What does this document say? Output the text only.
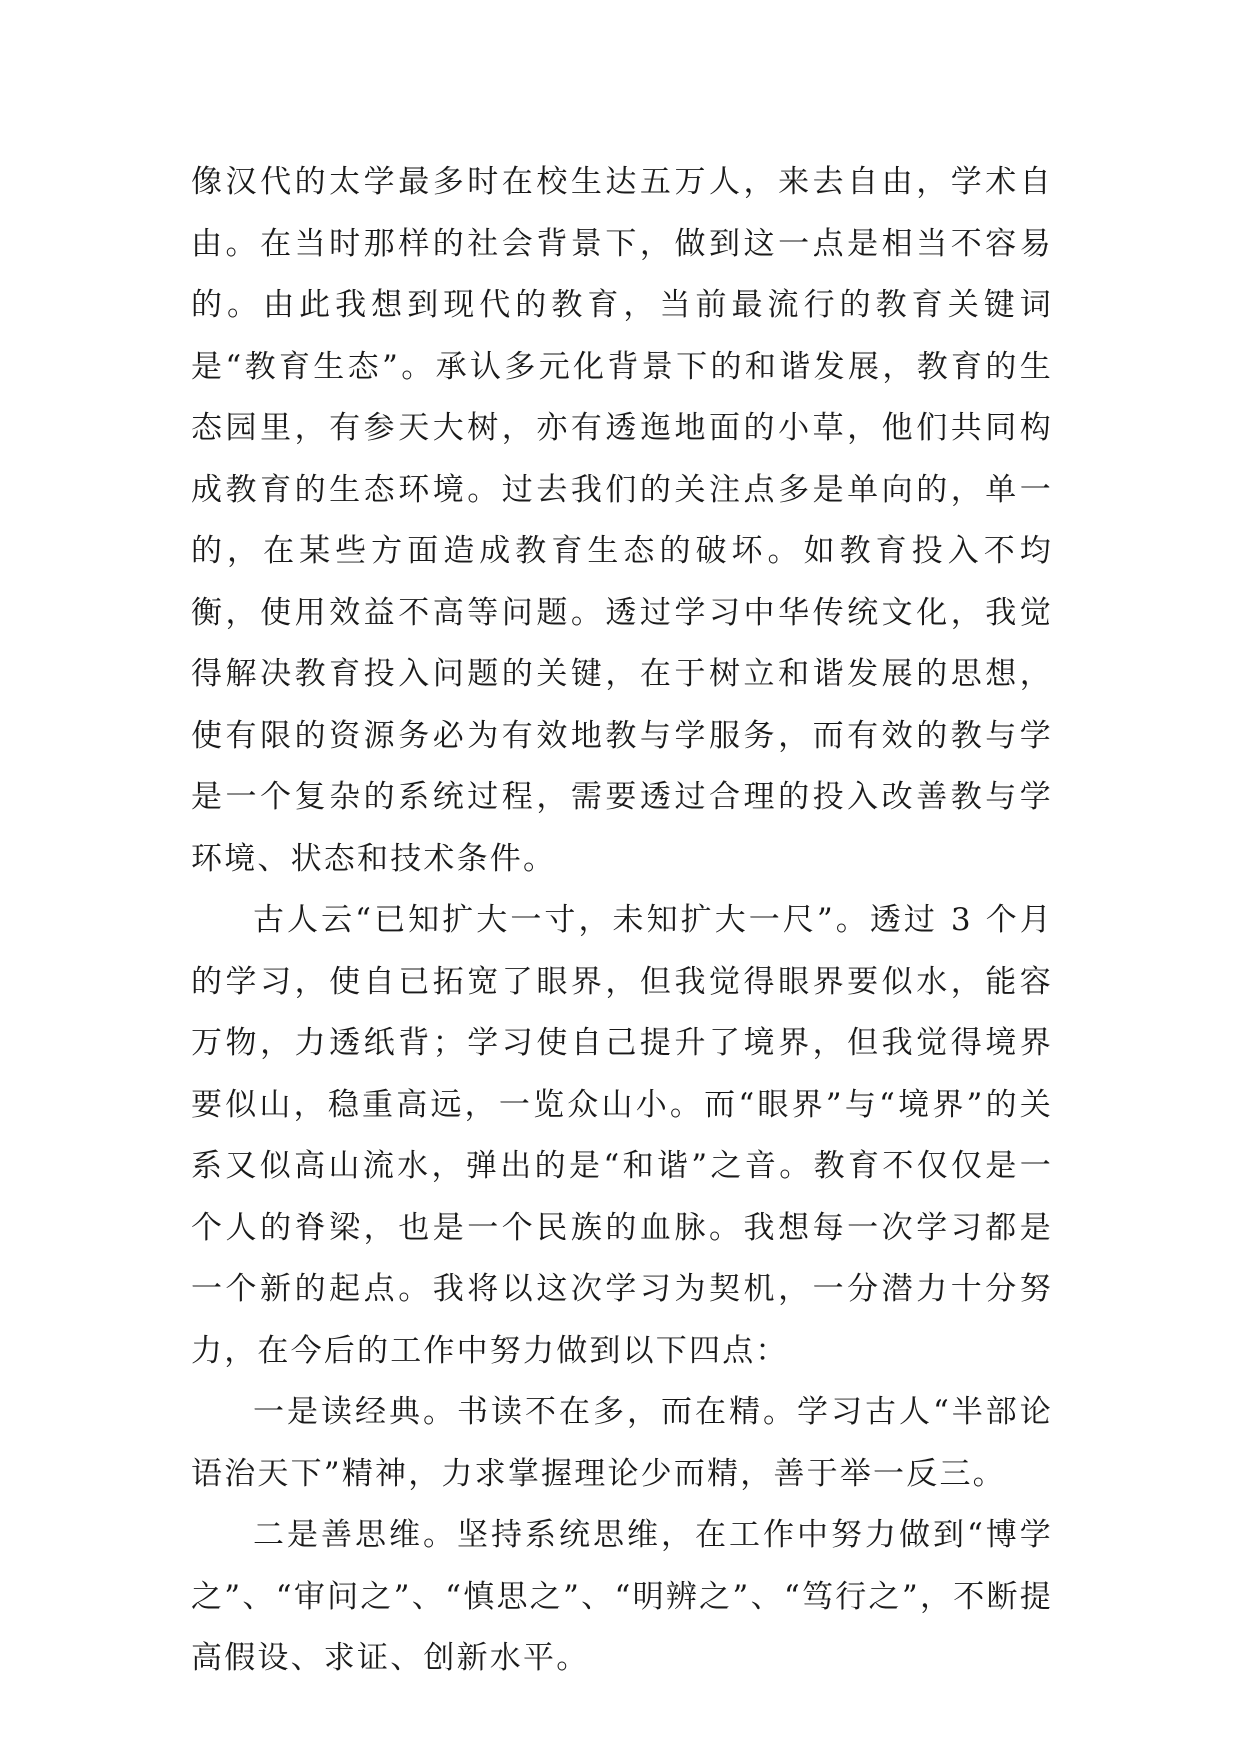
像汉代的太学最多时在校生达五万人，来去自由，学术自由。在当时那样的社会背景下，做到这一点是相当不容易的。由此我想到现代的教育，当前最流行的教育关键词是“教育生态”。承认多元化背景下的和谐发展，教育的生态园里，有参天大树，亦有透迤地面的小草，他们共同构成教育的生态环境。过去我们的关注点多是单向的，单一的，在某些方面造成教育生态的破坏。如教育投入不均衡，使用效益不高等问题。透过学习中华传统文化，我觉得解决教育投入问题的关键，在于树立和谐发展的思想，使有限的资源务必为有效地教与学服务，而有效的教与学是一个复杂的系统过程，需要透过合理的投入改善教与学环境、状态和技术条件。

古人云“已知扩大一寸，未知扩大一尺”。透过 3 个月的学习，使自已拓宽了眼界，但我觉得眼界要似水，能容万物，力透纸背；学习使自己提升了境界，但我觉得境界要似山，稳重高远，一览众山小。而“眼界”与“境界”的关系又似高山流水，弹出的是“和谐”之音。教育不仅仅是一个人的脊梁，也是一个民族的血脉。我想每一次学习都是一个新的起点。我将以这次学习为契机，一分潜力十分努力，在今后的工作中努力做到以下四点：

一是读经典。书读不在多，而在精。学习古人“半部论语治天下”精神，力求掌握理论少而精，善于举一反三。

二是善思维。坚持系统思维，在工作中努力做到“博学之”、“审问之”、“慎思之”、“明辨之”、“笃行之”，不断提高假设、求证、创新水平。
